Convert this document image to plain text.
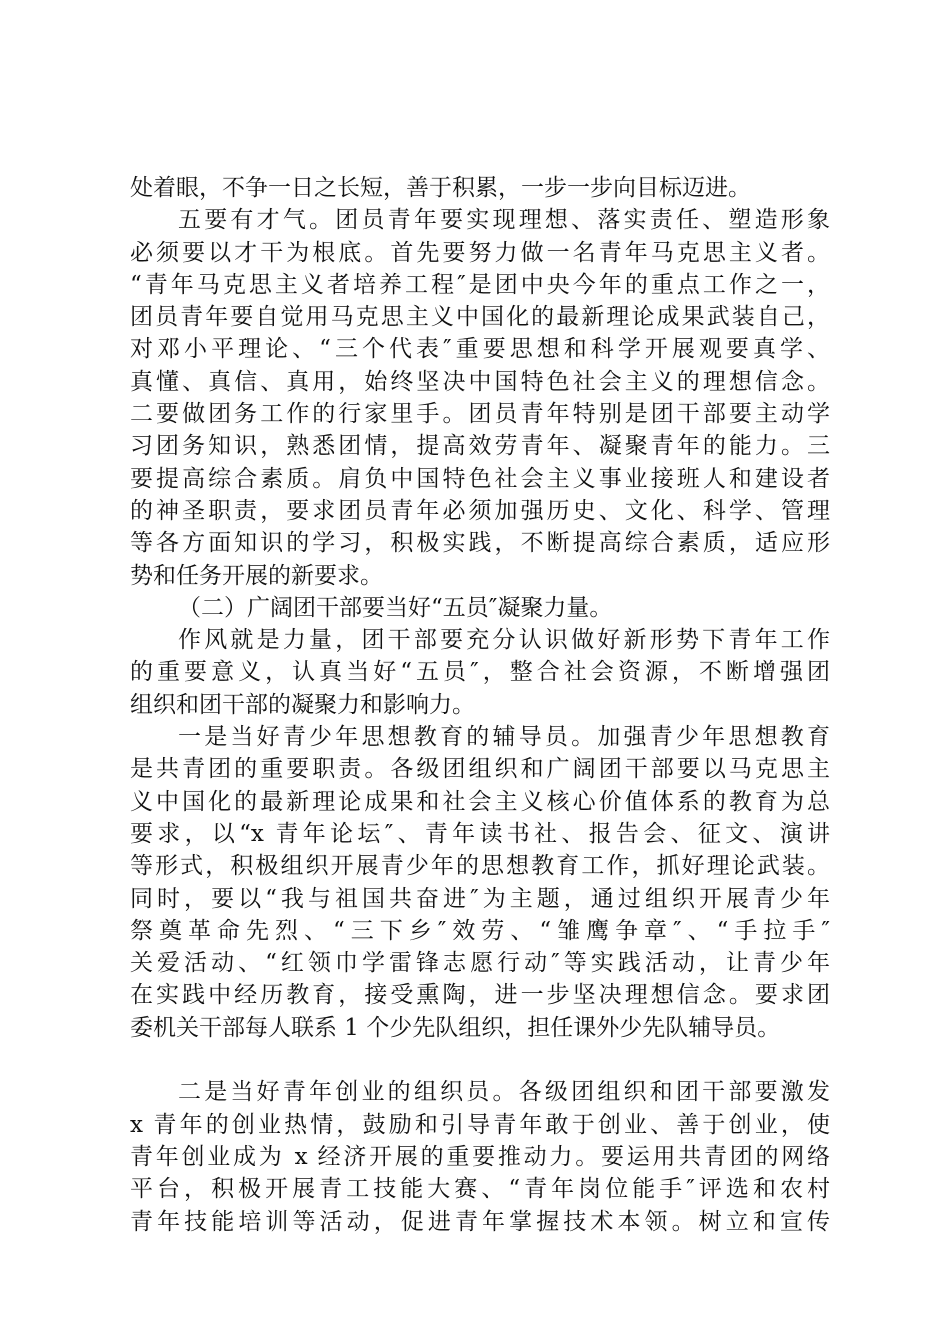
处着眼，不争一日之长短，善于积累，一步一步向目标迈进。
五要有才气。团员青年要实现理想、落实责任、塑造形象
必须要以才干为根底。首先要努力做一名青年马克思主义者。
“青年马克思主义者培养工程″是团中央今年的重点工作之一，
团员青年要自觉用马克思主义中国化的最新理论成果武装自己，
对邓小平理论、“三个代表″重要思想和科学开展观要真学、
真懂、真信、真用，始终坚决中国特色社会主义的理想信念。
二要做团务工作的行家里手。团员青年特别是团干部要主动学
习团务知识，熟悉团情，提高效劳青年、凝聚青年的能力。三
要提高综合素质。肩负中国特色社会主义事业接班人和建设者
的神圣职责，要求团员青年必须加强历史、文化、科学、管理
等各方面知识的学习，积极实践，不断提高综合素质，适应形
势和任务开展的新要求。
（二）广阔团干部要当好“五员″凝聚力量。
作风就是力量，团干部要充分认识做好新形势下青年工作
的重要意义，认真当好“五员″，整合社会资源，不断增强团
组织和团干部的凝聚力和影响力。
一是当好青少年思想教育的辅导员。加强青少年思想教育
是共青团的重要职责。各级团组织和广阔团干部要以马克思主
义中国化的最新理论成果和社会主义核心价值体系的教育为总
要求，以“x 青年论坛″、青年读书社、报告会、征文、演讲
等形式，积极组织开展青少年的思想教育工作，抓好理论武装。
同时，要以“我与祖国共奋进″为主题，通过组织开展青少年
祭奠革命先烈、“三下乡″效劳、“雏鹰争章″、“手拉手″
关爱活动、“红领巾学雷锋志愿行动″等实践活动，让青少年
在实践中经历教育，接受熏陶，进一步坚决理想信念。要求团
委机关干部每人联系 1 个少先队组织，担任课外少先队辅导员。
二是当好青年创业的组织员。各级团组织和团干部要激发
x 青年的创业热情，鼓励和引导青年敢于创业、善于创业，使
青年创业成为 x 经济开展的重要推动力。要运用共青团的网络
平台，积极开展青工技能大赛、“青年岗位能手″评选和农村
青年技能培训等活动，促进青年掌握技术本领。树立和宣传
